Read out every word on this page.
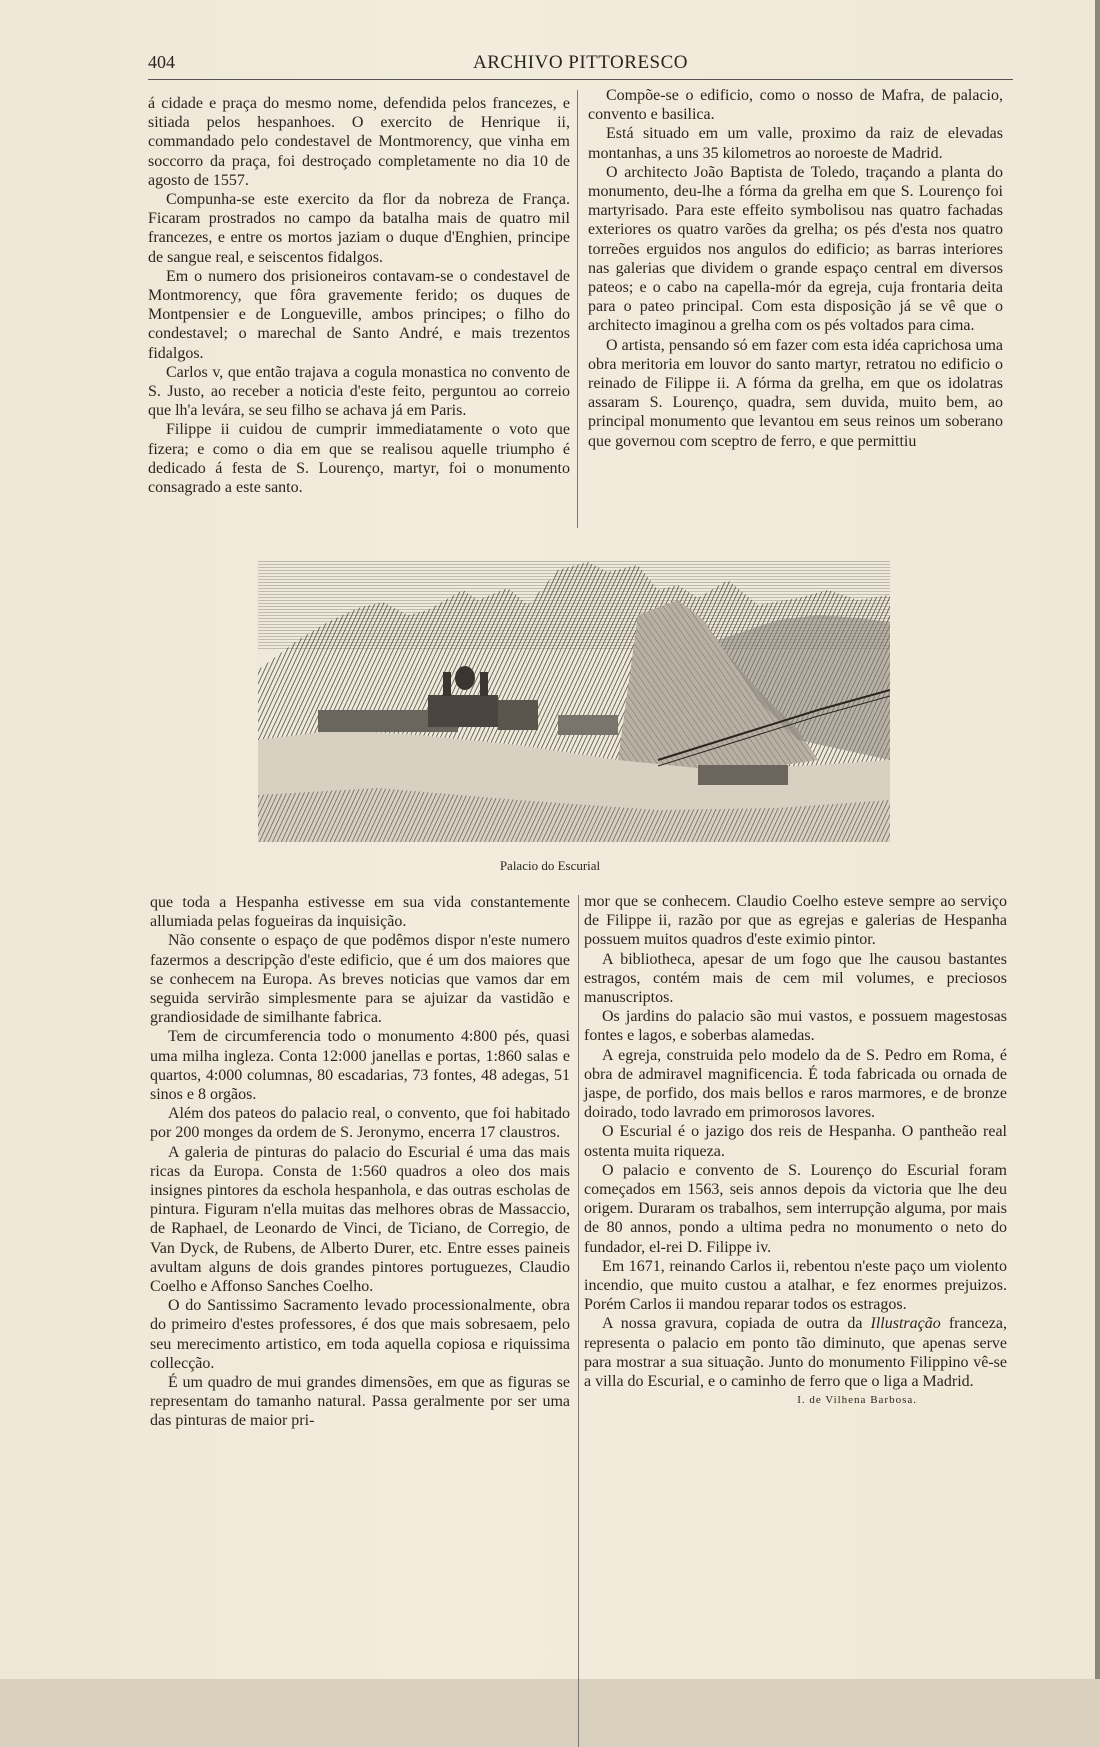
404	ARCHIVO PITTORESCO

á cidade e praça do mesmo nome, defendida pelos francezes, e sitiada pelos hespanhoes. O exercito de Henrique ii, commandado pelo condestavel de Montmorency, que vinha em soccorro da praça, foi destroçado completamente no dia 10 de agosto de 1557.

Compunha-se este exercito da flor da nobreza de França. Ficaram prostrados no campo da batalha mais de quatro mil francezes, e entre os mortos jaziam o duque d'Enghien, principe de sangue real, e seiscentos fidalgos.

Em o numero dos prisioneiros contavam-se o condestavel de Montmorency, que fôra gravemente ferido; os duques de Montpensier e de Longueville, ambos principes; o filho do condestavel; o marechal de Santo André, e mais trezentos fidalgos.

Carlos v, que então trajava a cogula monastica no convento de S. Justo, ao receber a noticia d'este feito, perguntou ao correio que lh'a levára, se seu filho se achava já em Paris.

Filippe ii cuidou de cumprir immediatamente o voto que fizera; e como o dia em que se realisou aquelle triumpho é dedicado á festa de S. Lourenço, martyr, foi o monumento consagrado a este santo.

Compõe-se o edificio, como o nosso de Mafra, de palacio, convento e basilica.

Está situado em um valle, proximo da raiz de elevadas montanhas, a uns 35 kilometros ao noroeste de Madrid.

O architecto João Baptista de Toledo, traçando a planta do monumento, deu-lhe a fórma da grelha em que S. Lourenço foi martyrisado. Para este effeito symbolisou nas quatro fachadas exteriores os quatro varões da grelha; os pés d'esta nos quatro torreões erguidos nos angulos do edificio; as barras interiores nas galerias que dividem o grande espaço central em diversos pateos; e o cabo na capella-mór da egreja, cuja frontaria deita para o pateo principal. Com esta disposição já se vê que o architecto imaginou a grelha com os pés voltados para cima.

O artista, pensando só em fazer com esta idéa caprichosa uma obra meritoria em louvor do santo martyr, retratou no edificio o reinado de Filippe ii. A fórma da grelha, em que os idolatras assaram S. Lourenço, quadra, sem duvida, muito bem, ao principal monumento que levantou em seus reinos um soberano que governou com sceptro de ferro, e que permittiu

Palacio do Escurial

que toda a Hespanha estivesse em sua vida constantemente allumiada pelas fogueiras da inquisição.

Não consente o espaço de que podêmos dispor n'este numero fazermos a descripção d'este edificio, que é um dos maiores que se conhecem na Europa. As breves noticias que vamos dar em seguida servirão simplesmente para se ajuizar da vastidão e grandiosidade de similhante fabrica.

Tem de circumferencia todo o monumento 4:800 pés, quasi uma milha ingleza. Conta 12:000 janellas e portas, 1:860 salas e quartos, 4:000 columnas, 80 escadarias, 73 fontes, 48 adegas, 51 sinos e 8 orgãos.

Além dos pateos do palacio real, o convento, que foi habitado por 200 monges da ordem de S. Jeronymo, encerra 17 claustros.

A galeria de pinturas do palacio do Escurial é uma das mais ricas da Europa. Consta de 1:560 quadros a oleo dos mais insignes pintores da eschola hespanhola, e das outras escholas de pintura. Figuram n'ella muitas das melhores obras de Massaccio, de Raphael, de Leonardo de Vinci, de Ticiano, de Corregio, de Van Dyck, de Rubens, de Alberto Durer, etc. Entre esses paineis avultam alguns de dois grandes pintores portuguezes, Claudio Coelho e Affonso Sanches Coelho.

O do Santissimo Sacramento levado processionalmente, obra do primeiro d'estes professores, é dos que mais sobresaem, pelo seu merecimento artistico, em toda aquella copiosa e riquissima collecção.

É um quadro de mui grandes dimensões, em que as figuras se representam do tamanho natural. Passa geralmente por ser uma das pinturas de maior pri-

mor que se conhecem. Claudio Coelho esteve sempre ao serviço de Filippe ii, razão por que as egrejas e galerias de Hespanha possuem muitos quadros d'este eximio pintor.

A bibliotheca, apesar de um fogo que lhe causou bastantes estragos, contém mais de cem mil volumes, e preciosos manuscriptos.

Os jardins do palacio são mui vastos, e possuem magestosas fontes e lagos, e soberbas alamedas.

A egreja, construida pelo modelo da de S. Pedro em Roma, é obra de admiravel magnificencia. É toda fabricada ou ornada de jaspe, de porfido, dos mais bellos e raros marmores, e de bronze doirado, todo lavrado em primorosos lavores.

O Escurial é o jazigo dos reis de Hespanha. O pantheão real ostenta muita riqueza.

O palacio e convento de S. Lourenço do Escurial foram começados em 1563, seis annos depois da victoria que lhe deu origem. Duraram os trabalhos, sem interrupção alguma, por mais de 80 annos, pondo a ultima pedra no monumento o neto do fundador, el-rei D. Filippe iv.

Em 1671, reinando Carlos ii, rebentou n'este paço um violento incendio, que muito custou a atalhar, e fez enormes prejuizos. Porém Carlos ii mandou reparar todos os estragos.

A nossa gravura, copiada de outra da Illustração franceza, representa o palacio em ponto tão diminuto, que apenas serve para mostrar a sua situação. Junto do monumento Filippino vê-se a villa do Escurial, e o caminho de ferro que o liga a Madrid.

I. de Vilhena Barbosa.
